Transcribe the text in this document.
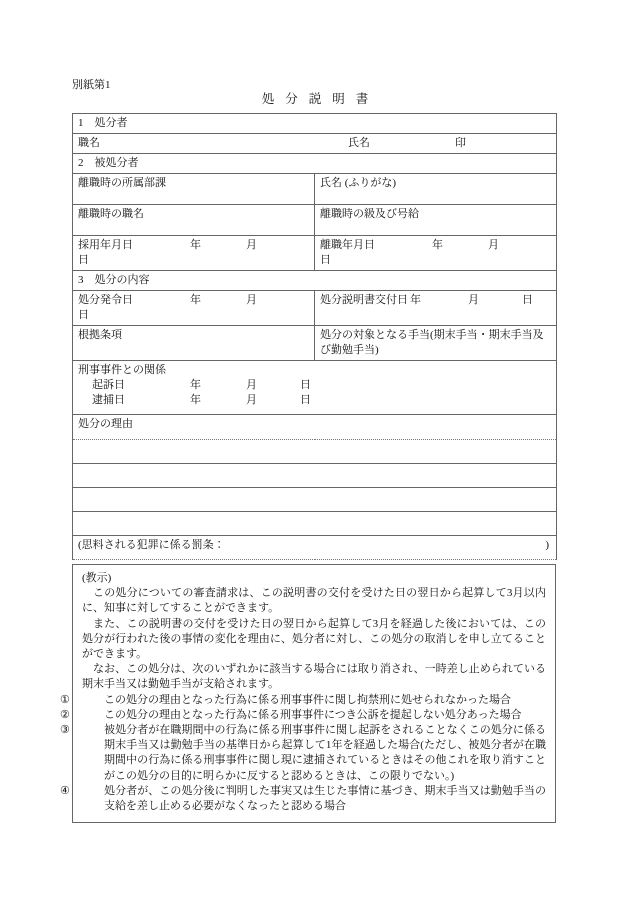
別紙第1
処分説明書
1　処分者	
職名 氏名 印	
2　被処分者	
離職時の所属部課	氏名 (ふりがな)
離職時の職名	離職時の級及び号給
採用年月日 年 月日	離職年月日 年 月日
3　処分の内容	
処分発令日 年 月日	処分説明書交付日 年 月 日
根拠条項	処分の対象となる手当(期末手当・期末手当及び勤勉手当)

刑事事件との関係
起訴日 年 月 日
逮捕日 年 月 日	

処分の理由	

(思料される犯罪に係る罰条： )	

(教示)

この処分についての審査請求は、この説明書の交付を受けた日の翌日から起算して3月以内に、知事に対してすることができます。

また、この説明書の交付を受けた日の翌日から起算して3月を経過した後においては、この処分が行われた後の事情の変化を理由に、処分者に対し、この処分の取消しを申し立てることができます。

なお、この処分は、次のいずれかに該当する場合には取り消され、一時差し止められている期末手当又は勤勉手当が支給されます。

①	この処分の理由となった行為に係る刑事事件に関し拘禁刑に処せられなかった場合

②	この処分の理由となった行為に係る刑事事件につき公訴を提起しない処分あった場合

③	被処分者が在職期間中の行為に係る刑事事件に関し起訴をされることなくこの処分に係る期末手当又は勤勉手当の基準日から起算して1年を経過した場合(ただし、被処分者が在職期間中の行為に係る刑事事件に関し現に逮捕されているときはその他これを取り消すことがこの処分の目的に明らかに反すると認めるときは、この限りでない。)

④	処分者が、この処分後に判明した事実又は生じた事情に基づき、期末手当又は勤勉手当の支給を差し止める必要がなくなったと認める場合
